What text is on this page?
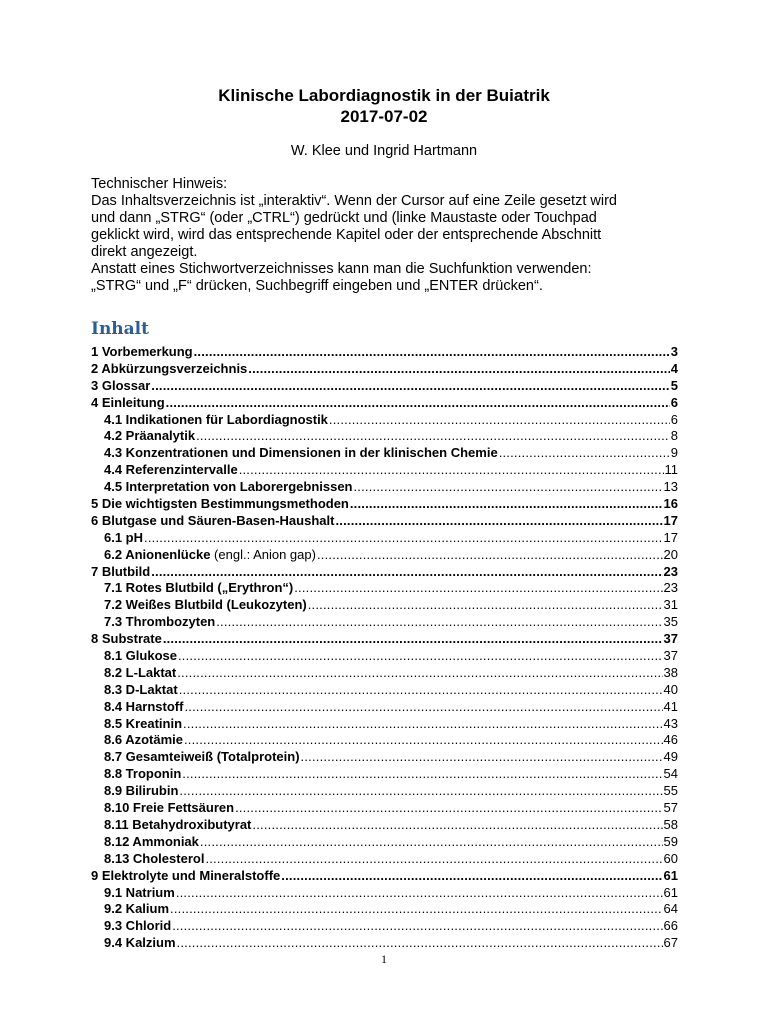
Klinische Labordiagnostik in der Buiatrik
2017-07-02
W. Klee und Ingrid Hartmann
Technischer Hinweis:
Das Inhaltsverzeichnis ist „interaktiv“. Wenn der Cursor auf eine Zeile gesetzt wird
und dann „STRG“ (oder „CTRL“) gedrückt und (linke Maustaste oder Touchpad
geklickt wird, wird das entsprechende Kapitel oder der entsprechende Abschnitt
direkt angezeigt.
Anstatt eines Stichwortverzeichnisses kann man die Suchfunktion verwenden:
„STRG“ und „F“ drücken, Suchbegriff eingeben und „ENTER drücken“.
Inhalt
1 Vorbemerkung .....	3
2 Abkürzungsverzeichnis .....	4
3 Glossar .....	5
4 Einleitung .....	6
4.1 Indikationen für Labordiagnostik .....	6
4.2 Präanalytik .....	8
4.3 Konzentrationen und Dimensionen in der klinischen Chemie .....	9
4.4 Referenzintervalle .....	11
4.5 Interpretation von Laborergebnissen .....	13
5 Die wichtigsten Bestimmungsmethoden .....	16
6 Blutgase und Säuren-Basen-Haushalt .....	17
6.1 pH .....	17
6.2 Anionenlücke (engl.: Anion gap) .....	20
7 Blutbild .....	23
7.1 Rotes Blutbild („Erythron“) .....	23
7.2 Weißes Blutbild (Leukozyten) .....	31
7.3 Thrombozyten .....	35
8 Substrate .....	37
8.1 Glukose .....	37
8.2 L-Laktat .....	38
8.3 D-Laktat .....	40
8.4 Harnstoff .....	41
8.5 Kreatinin .....	43
8.6 Azotämie .....	46
8.7 Gesamteiweiß (Totalprotein) .....	49
8.8 Troponin .....	54
8.9 Bilirubin .....	55
8.10 Freie Fettsäuren .....	57
8.11 Betahydroxibutyrat .....	58
8.12 Ammoniak .....	59
8.13 Cholesterol .....	60
9 Elektrolyte und Mineralstoffe .....	61
9.1 Natrium .....	61
9.2 Kalium .....	64
9.3 Chlorid .....	66
9.4 Kalzium .....	67
1
